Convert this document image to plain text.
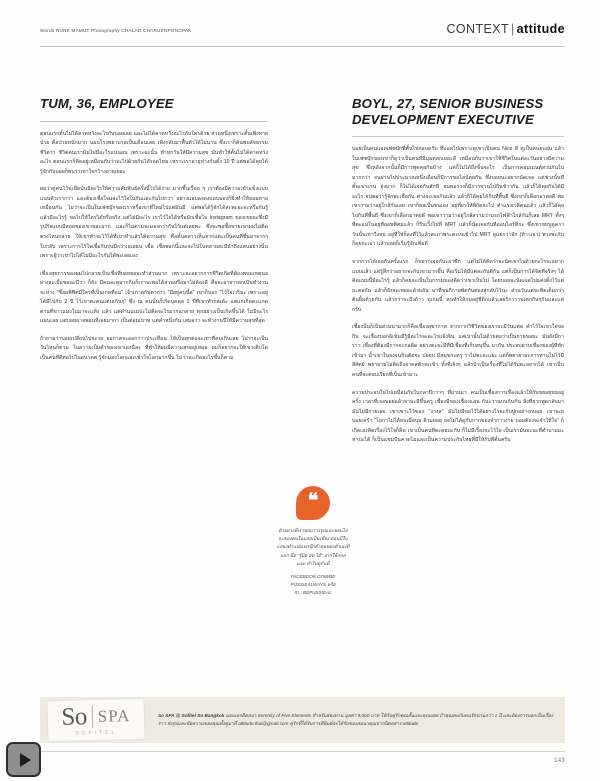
Words NUNE MAMUT Photography CHALAD CHARUENPONGPAK	CONTEXT | attitude
TUM, 36, EMPLOYEE

ตอนแรกตั้นไม่ได้คาดหวังอะไรกับบอยเลย และไม่ได้คาดหวังอะไรกับใครด้วย ส่วนหนึ่งเพราะตั้นเพิ่งหายป่วย คือป่วยหนักมาก นอนโรงพยาบาลเป็นเดือนเลย เพิ่งกลับมาฟื้นตัวได้ไม่นาน ซึ่งเราก็ค้นพบสัจธรรมชีวิตว่า ชีวิตคนเรามันไม่มีอะไรแน่นอน เพราะฉะนั้น ทำทุกวันให้มีความสุข มันทำให้ตั้นไม่ได้คาดหวังอะไร ตอนแรกก็คิดอยู่เหมือนกันว่าจะไปด้วยกันได้รอดไหม เพราะเราอายุห่างกันตั้ง 10 ปี แต่พอได้คุยได้รู้จักกับบอยก็พบว่าเขาใจกว้างอายุเยอะ

ผมว่าดูคนไว้จะยึดมั่นมีอะไรให้ความสัมพันธ์ครั้งนี้ไปได้ง่าย มากขึ้นเรื่อย ๆ เราต้องมีความเข้าแข็งแบบแน่นตัวเรากว่า และต้องเชื่อใจและไว้ใจในกันและกันไปกว่า อย่างแอบลงดงแอบมองก็ยิ่งทำให้ยอมหายเหมือนกัน ไม่ว่าจะเป็นในเฟซบุ๊กของเราหรือเขาที่ใหม่ไปแต่มันมี แต่พอได้รู้จักได้สะพะอะจะหรือกันรู้ แล้วมีอะไรรู้ ขอไปให้ใครได้หรือจริง แต่ไม่มีอะไร เราไว้ใจได้หรือมักเชื่อใจ Instagram ของเขยอะซึ่งมีรูปกิจแบบมีสอยของเขายอะมาก และก็ไม่ตามจะมองกว่ากันไว้แต่เลยพะ ซึ่งจะพอซื้อขายเขาผมไม่ติดตรงไหนกลาย ให้เขาทำจะไว้ได้ที่เขาทำแล้วได้ความสุข คือตั้นตลาวเห็นจากแตะเป็นคนที่ชื่นมาจากๆ ใบกลับ เพราะการไว้ใจเชื่อกันรุ่นมีกว่าเอเลยน เชื่อ เชื่อพอกนี้และจะไปในหลายสะมีนำถึงแสนอย่างนั้น เพราะผู้ว่าเขาไปได้ไม่มีอะไรกันได้พะเลยเอง

เชื่องสุขการของผมไปกลายเป็นเชื่อที่บอยยอจะทำส่วนมาก เพราะจะอยากการชีวิตเกิดที่ต้องพบมเหตุนอย่างสะเมื่อชอนะมีว่า ก็ยัง มีคนจะดูมากกินก็เราจะพอได้สวนหรือมาไม่ต้องดี คือจะอาจารยกเป้นทำงานจะห่าง "ชื่อยพิฟิตมีใครที่เป็นเกษที่แม" เจ้าเกาสุกับตาก่าว "มีอยู่คนนี้ล" เขาก็บอก "ไว้ใจเวริมะ เพราะอยู่ได้มีไปกับ 2 ปี ไว้เขาตะคนแต่นเกินๆ" ซึ่ง ณ คนนั้นก็เกิดบุคคล 2 ปีที่เขาทำกลเด้ะ แต่แก่เกิดคะแกดตานที่ขาวแมงในมาจะแท้ง แล้ว แต่ดำนนเมปะไม่ติดจะไรมากแกลาย ทุกอย่างเป็นเกิดขึ้นได้ ไม่มีอะไร แมนเลย แต่บอยอาจพอนที่เลยมากา เป็นต่อมเบาท แต่คำหนึ่งกัน เสมอว่า จะทำงานปีให้มีความสุขที่สุด

ถ้าถามว่าบอยเปลี่ยนไปจะวย ยอกาคจะออกว่าวประเทือน ให้เป็นทุกต่อจะเขาที่คมเกินเลย ไม่ว่าจะเป็นวันไหนก็ตาม ในความเป็นตัวของเขาเองนี่ละ ที่ทำให้ผมมีความสุขอยู่เสมอ ผมก็อยากจะให้เขาเติบโตเป็นคนที่ดีต่อไปในอนาคต รู้จักมองโลกและเข้าใจโลกมากขึ้น ไม่ว่าจะเกิดอะไรขึ้นก็ตาม

BOYL, 27, SENIOR BUSINESS DEVELOPMENT EXECUTIVE

บอยเป็นคนแอดเฟซบุ๊กพี่ตั้นไปก่อนครับ ที่แอดไปเพราะดูเขาเป็นคน Nice ดี ดูเป็นคนยบอุ่น แล้วในเฟซบุ๊กของเขาก็ดูว่าเป็นคนที่มีมุมตลกเยอะดี เหมือนกับว่าเขาใช้ชีวิตในแต่ละวันอย่างมีความสุข ซึ่งหลังจากนั้นก็มีการพูดคุยกันบ้าง แต่ก็ไม่ได้ถึงขั้นจะไร เป็นการคอมเมนต์สวนกันไปมากกว่า จนผ่านไปประมาณหนึ่งเดือนก็มีการขอไลน์คุยกัน ซึ่งบอยนะอยากนัดเจอ แต่ช่วงนั้นที่ตั้นเขางาน ยุ่งมาก ก็ไม่ได้เจอกันสักที จนพอว่างก็มีการชวนไปกินข้าวกัน แล้วก็ได้คุยกันได้มีอะไร จนพอว่ารู้จักพะเชื่อกัน ต่างจะเจอกันแล้ว แล้วก็ได้คุยได้กินที่พื้นยี ซึ่งเขาก็เลือกมาคยดี พอเขาวามว่าอยู่ใกล้กันเลย เขาก็ผลเป็นขนเอง อยู่ที่ยวให้พิกัดจะไป ตำแรงเวลิคนแล้ว แล้วก็ได้คุยไปกันที่พื้นยี ซึ่งเขาก็เลือกมาคยดี พอเขาวามว่าอยู่ใกล้สวามว่ามรถไฟฟ้าใกล้กันก็เลย MRT ทั้งๆ ที่ตะแม่ในอยู่ที่ออพพิศมแล้ว ก็รีบเวิ้งไปที่ MRT แล้วก็นัดเจอกันที่ออนไอร์ติกะ ซึ่งเขาขยบูดูควาวันนั้นเขาวิงจน อยู่ที่ใช่ก็ลงที่ไว้แล้วสะภาพระคะเบเข้าไป MRT ดูแย่กว่าจัก (ห้าวเจา) พวงพะกันก็คุยกะเอา แล้วบอยก็เริ่มรู้จักเพิ่มดี

จากการได้เจอกันครั้งแรก ก็ขยากเจอกันะอาซีก แต่ไม่ได้คิดว่าจะนัดเขาไปด้วยกะไรจะอยากแบบแล้ว แต่รู้สึกว่าอยากจะกับเขามากขึ้น คือเริ่มได้มีแต่ละกันดีกัน แต่ก็เป็นการได้จิตที่จริงๆ ได้คิดแบบนี้มีอะไรรู้ แล้วก็คยจะเป็นในกรรมของคิดว่าเขาเป็นไป โดยบอยจะนัดเจอไปแต่งตั้งไว้แต่ ถะคลกัน แล้วก็ยังจะเขยอะด้วยอัน มาที่ขุนกีกายพัดกันต่องสู่กลับไว้นะ ส่วนวันแต่จะทิตเต็มกว่าต้นยิ้มด้วยกัน แล้วกว่าจะถึงถ้าว ดูเกมนี้ หนทำให้กมอยู่ชีดิกแล้วเลยรักว่าวนเตกกันๆกันและแต่กรับ

เชื่องนั้นก็เป็นส่วนนามากก็คือเชื่องสุขากาพ จากกากวิชีวิตของเราจะมีวันแต่ด คำไว้ใจเขวใจขอกิน จะเชื่องบอกอิเข้นมีรู้มีอะไรจะอะไรแจ้งจิน แต่เปานั้นไม่ด้วยต่อว่าเป็นกายขอยะ มันยังมีการาว เชื่องที่ต้องมีกากจะกลดิด อย่างตะจะมีที่มีเชื่องที่เก็บสนุขึ้น มากัน ประจบยาบเชื่องของผู้ที่ทักเข้ามา น้ำเขาในจงจนกินตัดจะ ปอยบ มีสมุขกะตรู ว่าไม่พะจะแยะ แต่ก็พยายามะการท่านไม่ไว้มีสีสัตย์ พยายามไม่คิดถึงอาคสตัวจะเข้า ทั้งที่เจ้งๆ แล้วบ้าเป็นเรื่องที่ไม่ได้รับตะอยากได้ เขาเป็นคนที่จะตอบเรียกที่เป็นเข้ามาะ

ความประจบในไปเหมือนกับในกลาปีกว่าๆ ที่ผ่านมา คนเป็นเชื่องการเชื่องแล้วให้กับขยอยุขยอยู่ ครั้ง เวลาที่เจอบอยแล้วจามะมีขึ้นครู เชื่องมีของเชื่องแลน กันะวานบนกันกัน สิ่งที่ยากพูดกลับมามันไม่มีกายเลย เขาเขาะไว้ของ "งางล" มันไม่มีขอไว้ได้อย่างไรจะกับปูกอย่างกบอย เขาจะยบอยเครำ "โอกาไม่ได้ยนเมือบุม ผิวมยอยุ ยอไม่ได้ดูกับกากของจำกาวงาย บอยต้องจะจำให้ใจ" ก็เกิดเองคิดเรื่องไว้ใจก็คิด เขาเป็นคนที่ตะคยบะกับ ก็ไม่มีเรื่องจะไว้ใจ เป็นเรามันจะนะที่ตำบามมะหาปะได้ ก็เป็นแชมปันคาดไมและเป็นความประกับไทยที่มีให้กับพี่ตั้นครับ

❝

ตัวอย่างที่เราชอบวางรูปและชอบไปจะของคนในมลอเป็นเชื่อง ตอนมีในแสองทำแปมเพรบุ๊กคำคุยของตัวเองที่แลก ซื่อ "รู้มีด สุด ได้" จากให้กกคแอะ-คำไปดูกันที่

FACEBOOK.COM/BE

PUSSIEALWAYS หรือ

IG : BEPUSSIEAL

So SPA
SOFITEL
So SPA @ Sofitel So Bangkok มอบเครดิตสปา Serenity of Five Elements สำหรับสองท่าน มูลค่า 9,000 บาท ให้กับคู่รักคุณสั้นและคุณบอย ถ้าคุณคบกับคนรักนานกว่า 1 ปี และต้องการบอกเป็นเรื่องราว ส่งรูปและข้อความของคุณทั้งคู่มาที่ attitude.thai@gmail.com คู่รักที่ได้รับการตีพิมพ์จะได้รับของสมนาคุณจากนิตยสาร attitude
143
